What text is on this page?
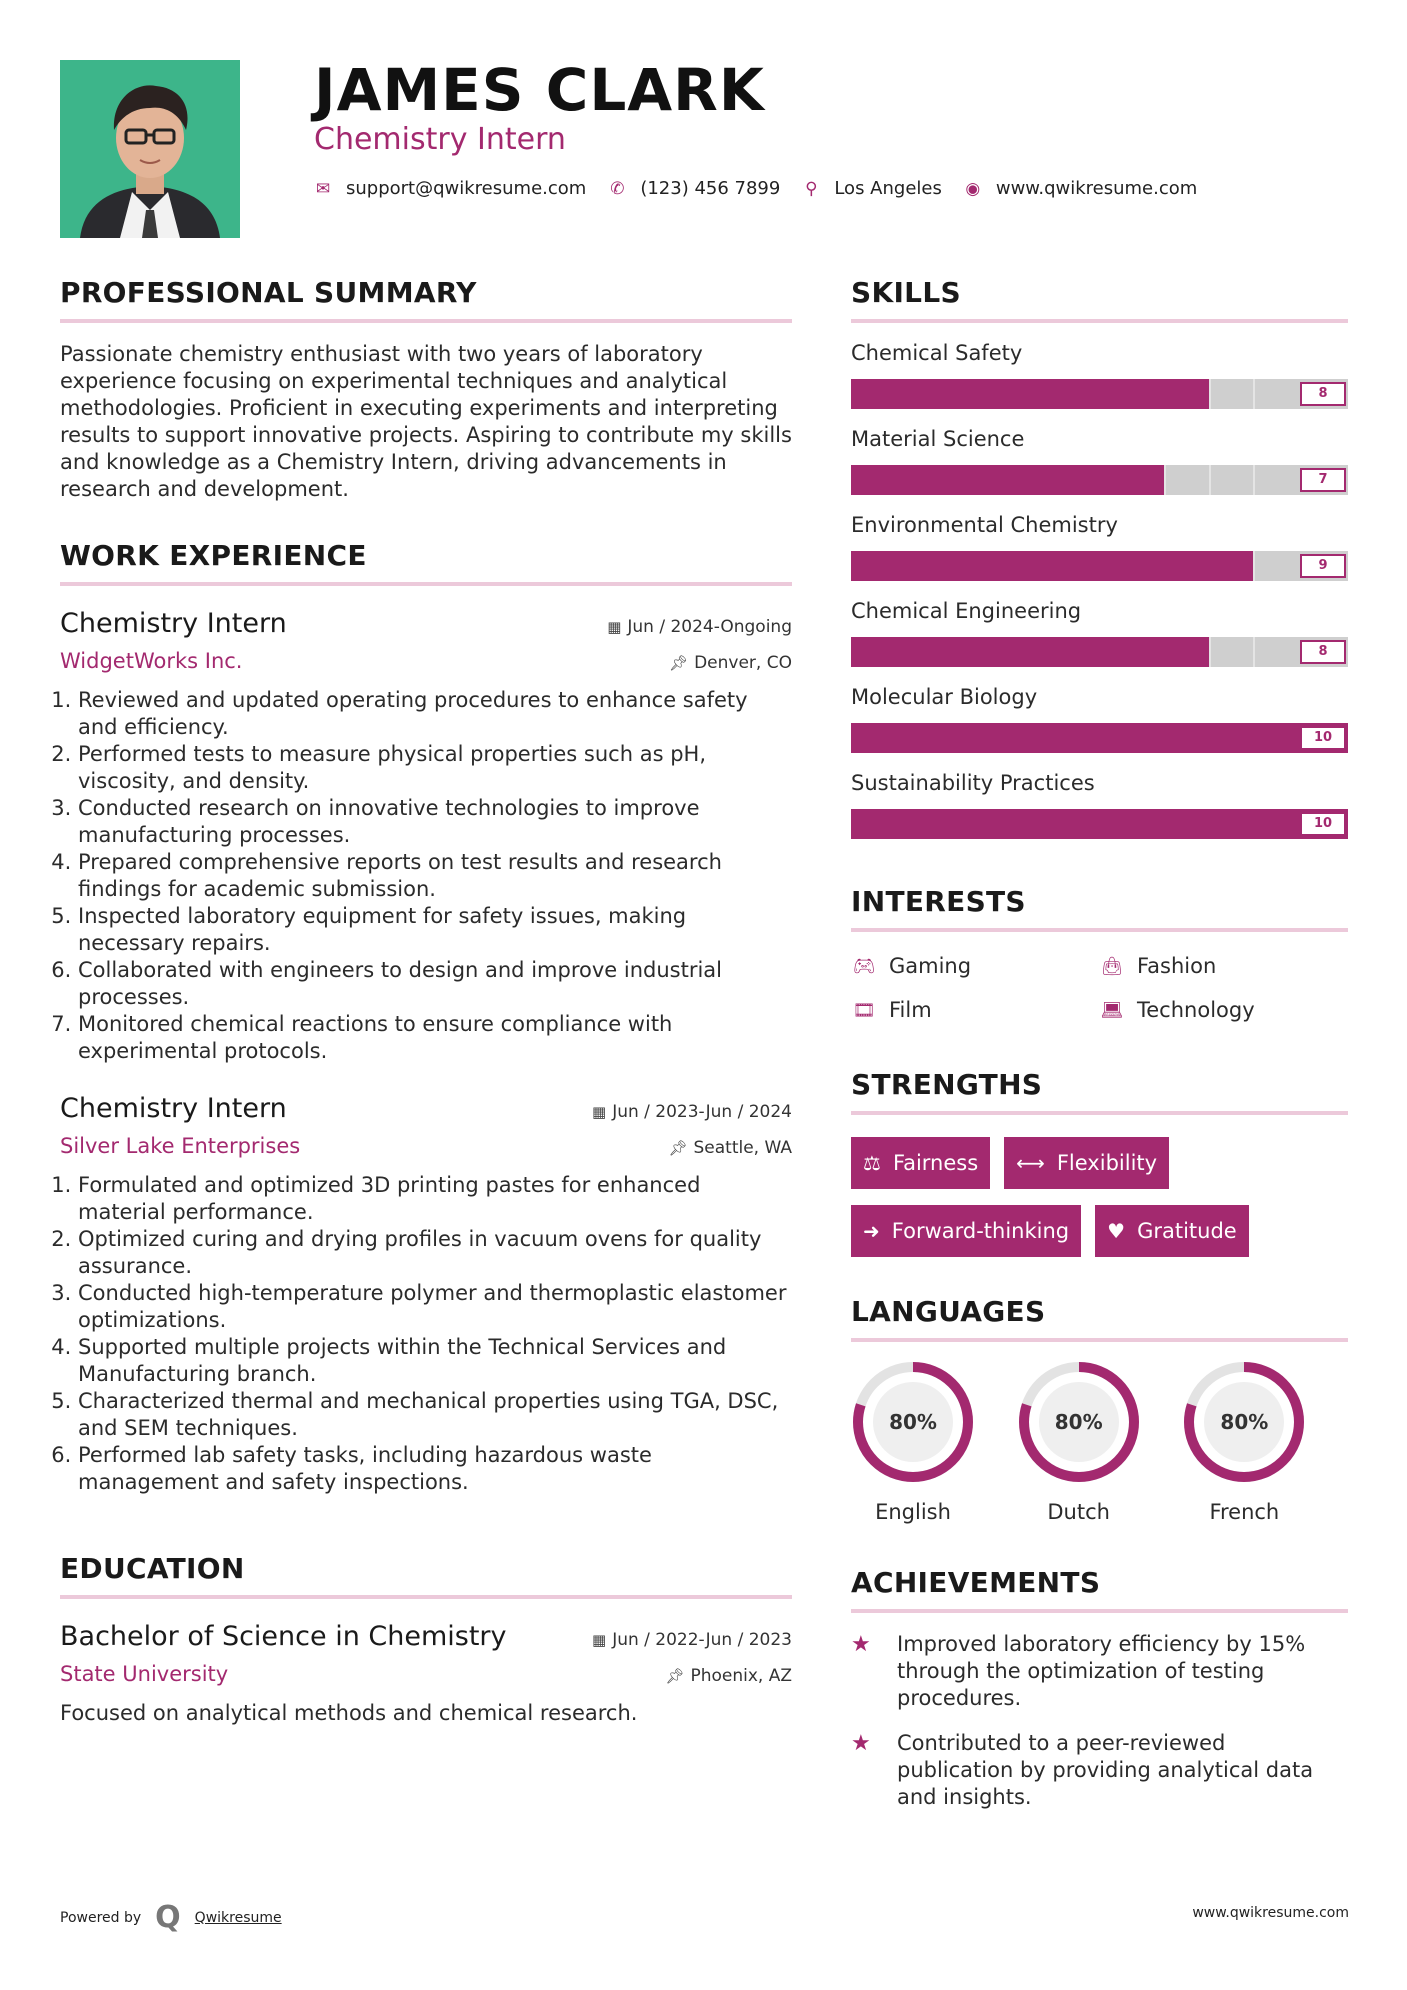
JAMES CLARK
Chemistry Intern
✉ support@qwikresume.com ✆ (123) 456 7899 ⚲ Los Angeles ◉ www.qwikresume.com
PROFESSIONAL SUMMARY

Passionate chemistry enthusiast with two years of laboratory experience focusing on experimental techniques and analytical methodologies. Proficient in executing experiments and interpreting results to support innovative projects. Aspiring to contribute my skills and knowledge as a Chemistry Intern, driving advancements in research and development.

WORK EXPERIENCE
Chemistry Intern	▦ Jun / 2024-Ongoing
WidgetWorks Inc.	📌︎ Denver, CO
1. Reviewed and updated operating procedures to enhance safety and efficiency.
2. Performed tests to measure physical properties such as pH, viscosity, and density.
3. Conducted research on innovative technologies to improve manufacturing processes.
4. Prepared comprehensive reports on test results and research findings for academic submission.
5. Inspected laboratory equipment for safety issues, making necessary repairs.
6. Collaborated with engineers to design and improve industrial processes.
7. Monitored chemical reactions to ensure compliance with experimental protocols.
Chemistry Intern	▦ Jun / 2023-Jun / 2024
Silver Lake Enterprises	📌︎ Seattle, WA
1. Formulated and optimized 3D printing pastes for enhanced material performance.
2. Optimized curing and drying profiles in vacuum ovens for quality assurance.
3. Conducted high-temperature polymer and thermoplastic elastomer optimizations.
4. Supported multiple projects within the Technical Services and Manufacturing branch.
5. Characterized thermal and mechanical properties using TGA, DSC, and SEM techniques.
6. Performed lab safety tasks, including hazardous waste management and safety inspections.
EDUCATION
Bachelor of Science in Chemistry	▦ Jun / 2022-Jun / 2023
State University	📌︎ Phoenix, AZ

Focused on analytical methods and chemical research.

SKILLS
Chemical Safety
8
Material Science
7
Environmental Chemistry
9
Chemical Engineering
8
Molecular Biology
10
Sustainability Practices
10
INTERESTS
🎮︎ Gaming	👜︎ Fashion
🎞︎ Film	💻︎ Technology
STRENGTHS
⚖ Fairness ⟷ Flexibility
➜ Forward-thinking ♥ Gratitude
LANGUAGES
80%
English
80%
Dutch
80%
French
ACHIEVEMENTS
★	Improved laboratory efficiency by 15% through the optimization of testing procedures.
★	Contributed to a peer-reviewed publication by providing analytical data and insights.
Powered by Q Qwikresume	www.qwikresume.com
